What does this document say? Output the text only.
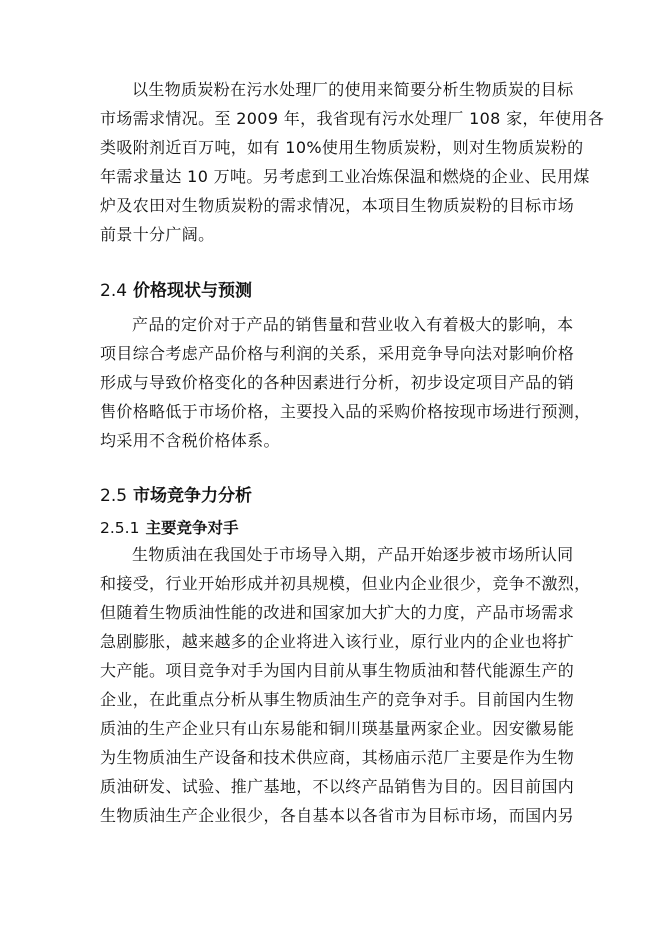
以生物质炭粉在污水处理厂的使用来简要分析生物质炭的目标
市场需求情况。至 2009 年，我省现有污水处理厂 108 家，年使用各
类吸附剂近百万吨，如有 10%使用生物质炭粉，则对生物质炭粉的
年需求量达 10 万吨。另考虑到工业冶炼保温和燃烧的企业、民用煤
炉及农田对生物质炭粉的需求情况，本项目生物质炭粉的目标市场
前景十分广阔。
2.4 价格现状与预测
产品的定价对于产品的销售量和营业收入有着极大的影响，本
项目综合考虑产品价格与利润的关系，采用竞争导向法对影响价格
形成与导致价格变化的各种因素进行分析，初步设定项目产品的销
售价格略低于市场价格，主要投入品的采购价格按现市场进行预测，
均采用不含税价格体系。
2.5 市场竞争力分析
2.5.1 主要竞争对手
生物质油在我国处于市场导入期，产品开始逐步被市场所认同
和接受，行业开始形成并初具规模，但业内企业很少，竞争不激烈，
但随着生物质油性能的改进和国家加大扩大的力度，产品市场需求
急剧膨胀，越来越多的企业将进入该行业，原行业内的企业也将扩
大产能。项目竞争对手为国内目前从事生物质油和替代能源生产的
企业，在此重点分析从事生物质油生产的竞争对手。目前国内生物
质油的生产企业只有山东易能和铜川瑛基量两家企业。因安徽易能
为生物质油生产设备和技术供应商，其杨庙示范厂主要是作为生物
质油研发、试验、推广基地，不以终产品销售为目的。因目前国内
生物质油生产企业很少，各自基本以各省市为目标市场，而国内另
